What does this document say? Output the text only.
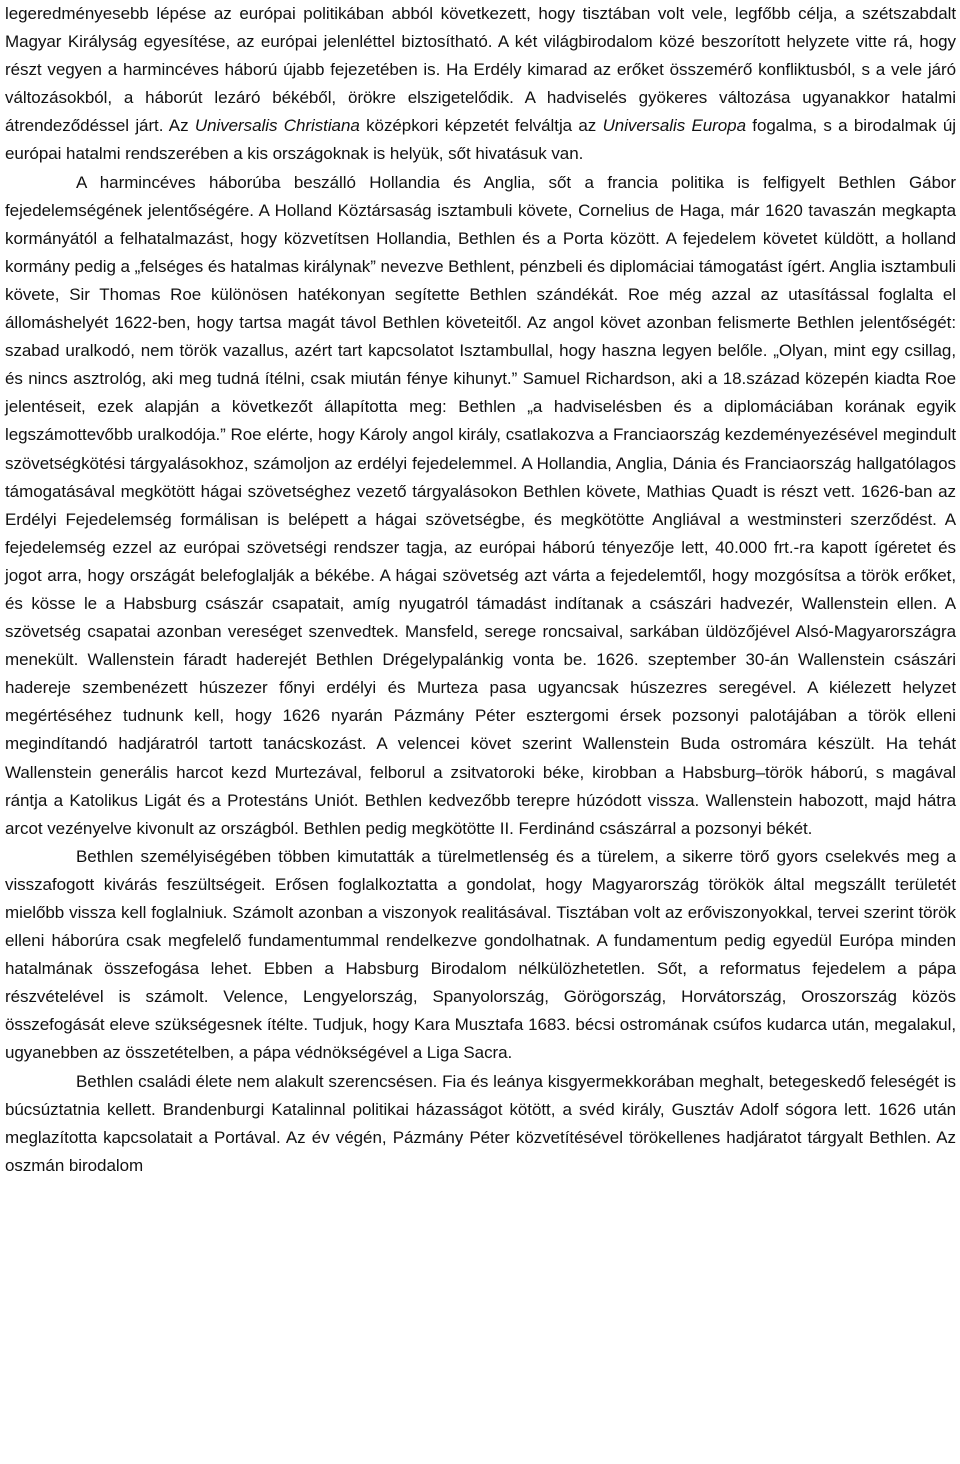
legeredményesebb lépése az európai politikában abból következett, hogy tisztában volt vele, legfőbb célja, a szétszabdalt Magyar Királyság egyesítése, az európai jelenléttel biztosítható. A két világbirodalom közé beszorított helyzete vitte rá, hogy részt vegyen a harmincéves háború újabb fejezetében is. Ha Erdély kimarad az erőket összemérő konfliktusból, s a vele járó változásokból, a háborút lezáró békéből, örökre elszigetelődik. A hadviselés gyökeres változása ugyanakkor hatalmi átrendeződéssel járt. Az Universalis Christiana középkori képzetét felváltja az Universalis Europa fogalma, s a birodalmak új európai hatalmi rendszerében a kis országoknak is helyük, sőt hivatásuk van.

A harmincéves háborúba beszálló Hollandia és Anglia, sőt a francia politika is felfigyelt Bethlen Gábor fejedelemségének jelentőségére. A Holland Köztársaság isztambuli követe, Cornelius de Haga, már 1620 tavaszán megkapta kormányától a felhatalmazást, hogy közvetítsen Hollandia, Bethlen és a Porta között. A fejedelem követet küldött, a holland kormány pedig a „felséges és hatalmas királynak” nevezve Bethlent, pénzbeli és diplomáciai támogatást ígért. Anglia isztambuli követe, Sir Thomas Roe különösen hatékonyan segítette Bethlen szándékát. Roe még azzal az utasítással foglalta el állomáshelyét 1622-ben, hogy tartsa magát távol Bethlen követeitől. Az angol követ azonban felismerte Bethlen jelentőségét: szabad uralkodó, nem török vazallus, azért tart kapcsolatot Isztambullal, hogy haszna legyen belőle. „Olyan, mint egy csillag, és nincs asztrológ, aki meg tudná ítélni, csak miután fénye kihunyt.” Samuel Richardson, aki a 18.század közepén kiadta Roe jelentéseit, ezek alapján a következőt állapította meg: Bethlen „a hadviselésben és a diplomáciában korának egyik legszámottevőbb uralkodója.” Roe elérte, hogy Károly angol király, csatlakozva a Franciaország kezdeményezésével megindult szövetségkötési tárgyalásokhoz, számoljon az erdélyi fejedelemmel. A Hollandia, Anglia, Dánia és Franciaország hallgatólagos támogatásával megkötött hágai szövetséghez vezető tárgyalásokon Bethlen követe, Mathias Quadt is részt vett. 1626-ban az Erdélyi Fejedelemség formálisan is belépett a hágai szövetségbe, és megkötötte Angliával a westminsteri szerződést. A fejedelemség ezzel az európai szövetségi rendszer tagja, az európai háború tényezője lett, 40.000 frt.-ra kapott ígéretet és jogot arra, hogy országát belefoglalják a békébe. A hágai szövetség azt várta a fejedelemtől, hogy mozgósítsa a török erőket, és kösse le a Habsburg császár csapatait, amíg nyugatról támadást indítanak a császári hadvezér, Wallenstein ellen. A szövetség csapatai azonban vereséget szenvedtek. Mansfeld, serege roncsaival, sarkában üldözőjével Alsó-Magyarországra menekült. Wallenstein fáradt haderejét Bethlen Drégelypalánkig vonta be. 1626. szeptember 30-án Wallenstein császári hadereje szembenézett húszezer főnyi erdélyi és Murteza pasa ugyancsak húszezres seregével. A kiélezett helyzet megértéséhez tudnunk kell, hogy 1626 nyarán Pázmány Péter esztergomi érsek pozsonyi palotájában a török elleni megindítandó hadjáratról tartott tanácskozást. A velencei követ szerint Wallenstein Buda ostromára készült. Ha tehát Wallenstein generális harcot kezd Murtezával, felborul a zsitvatoroki béke, kirobban a Habsburg–török háború, s magával rántja a Katolikus Ligát és a Protestáns Uniót. Bethlen kedvezőbb terepre húzódott vissza. Wallenstein habozott, majd hátra arcot vezényelve kivonult az országból. Bethlen pedig megkötötte II. Ferdinánd császárral a pozsonyi békét.

Bethlen személyiségében többen kimutatták a türelmetlenség és a türelem, a sikerre törő gyors cselekvés meg a visszafogott kivárás feszültségeit. Erősen foglalkoztatta a gondolat, hogy Magyarország törökök által megszállt területét mielőbb vissza kell foglalniuk. Számolt azonban a viszonyok realitásával. Tisztában volt az erőviszonyokkal, tervei szerint török elleni háborúra csak megfelelő fundamentummal rendelkezve gondolhatnak. A fundamentum pedig egyedül Európa minden hatalmának összefogása lehet. Ebben a Habsburg Birodalom nélkülözhetetlen. Sőt, a reformatus fejedelem a pápa részvételével is számolt. Velence, Lengyelország, Spanyolország, Görögország, Horvátország, Oroszország közös összefogását eleve szükségesnek ítélte. Tudjuk, hogy Kara Musztafa 1683. bécsi ostromának csúfos kudarca után, megalakul, ugyanebben az összetételben, a pápa védnökségével a Liga Sacra.

Bethlen családi élete nem alakult szerencsésen. Fia és leánya kisgyermekkorában meghalt, betegeskedő feleségét is búcsúztatnia kellett. Brandenburgi Katalinnal politikai házasságot kötött, a svéd király, Gusztáv Adolf sógora lett. 1626 után meglazította kapcsolatait a Portával. Az év végén, Pázmány Péter közvetítésével törökellenes hadjáratot tárgyalt Bethlen. Az oszmán birodalom
